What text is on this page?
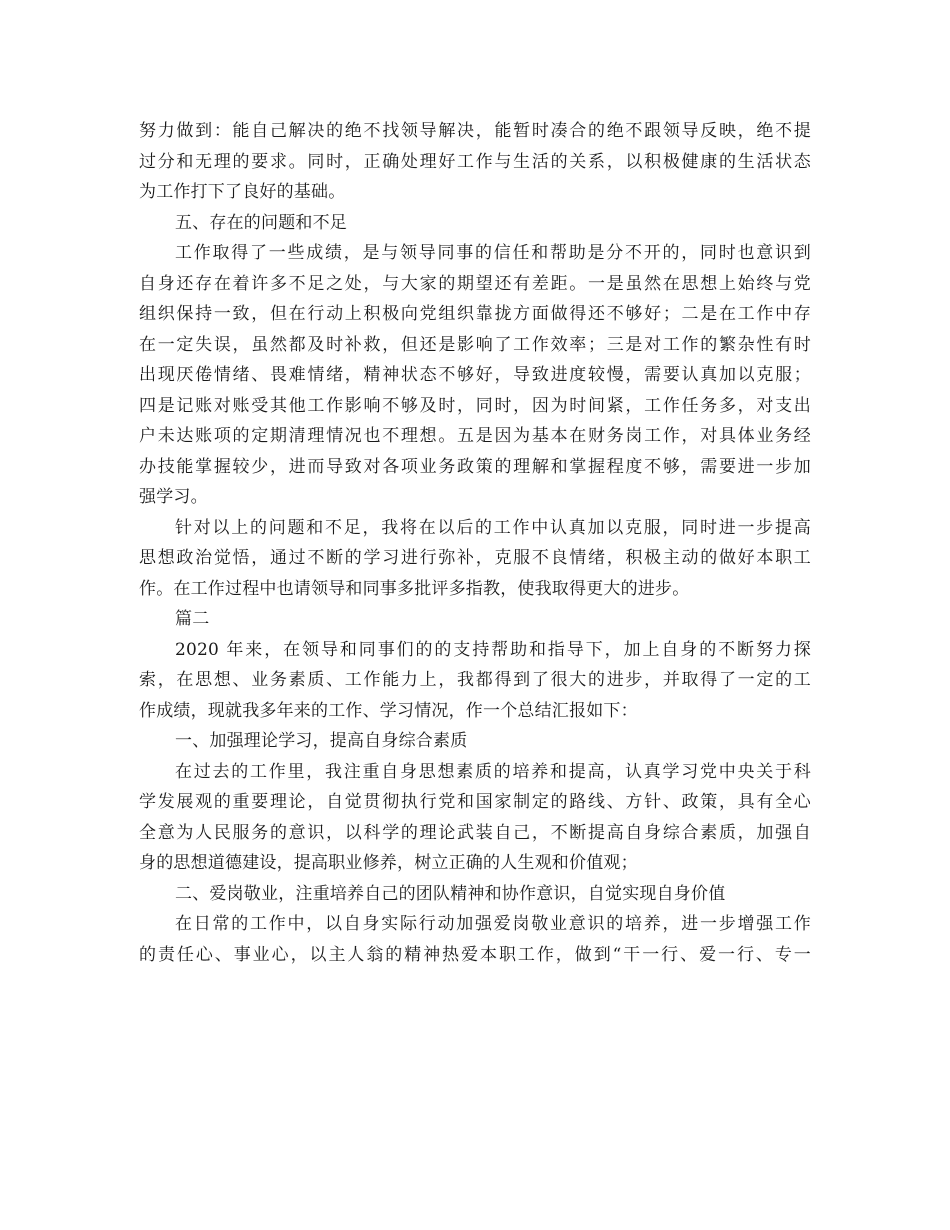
努力做到：能自己解决的绝不找领导解决，能暂时凑合的绝不跟领导反映，绝不提
过分和无理的要求。同时，正确处理好工作与生活的关系，以积极健康的生活状态
为工作打下了良好的基础。
五、存在的问题和不足
工作取得了一些成绩，是与领导同事的信任和帮助是分不开的，同时也意识到
自身还存在着许多不足之处，与大家的期望还有差距。一是虽然在思想上始终与党
组织保持一致，但在行动上积极向党组织靠拢方面做得还不够好；二是在工作中存
在一定失误，虽然都及时补救，但还是影响了工作效率；三是对工作的繁杂性有时
出现厌倦情绪、畏难情绪，精神状态不够好，导致进度较慢，需要认真加以克服；
四是记账对账受其他工作影响不够及时，同时，因为时间紧，工作任务多，对支出
户未达账项的定期清理情况也不理想。五是因为基本在财务岗工作，对具体业务经
办技能掌握较少，进而导致对各项业务政策的理解和掌握程度不够，需要进一步加
强学习。
针对以上的问题和不足，我将在以后的工作中认真加以克服，同时进一步提高
思想政治觉悟，通过不断的学习进行弥补，克服不良情绪，积极主动的做好本职工
作。在工作过程中也请领导和同事多批评多指教，使我取得更大的进步。
篇二
2020 年来，在领导和同事们的的支持帮助和指导下，加上自身的不断努力探
索，在思想、业务素质、工作能力上，我都得到了很大的进步，并取得了一定的工
作成绩，现就我多年来的工作、学习情况，作一个总结汇报如下：
一、加强理论学习，提高自身综合素质
在过去的工作里，我注重自身思想素质的培养和提高，认真学习党中央关于科
学发展观的重要理论，自觉贯彻执行党和国家制定的路线、方针、政策，具有全心
全意为人民服务的意识，以科学的理论武装自己，不断提高自身综合素质，加强自
身的思想道德建设，提高职业修养，树立正确的人生观和价值观；
二、爱岗敬业，注重培养自己的团队精神和协作意识，自觉实现自身价值
在日常的工作中，以自身实际行动加强爱岗敬业意识的培养，进一步增强工作
的责任心、事业心，以主人翁的精神热爱本职工作，做到“干一行、爱一行、专一
